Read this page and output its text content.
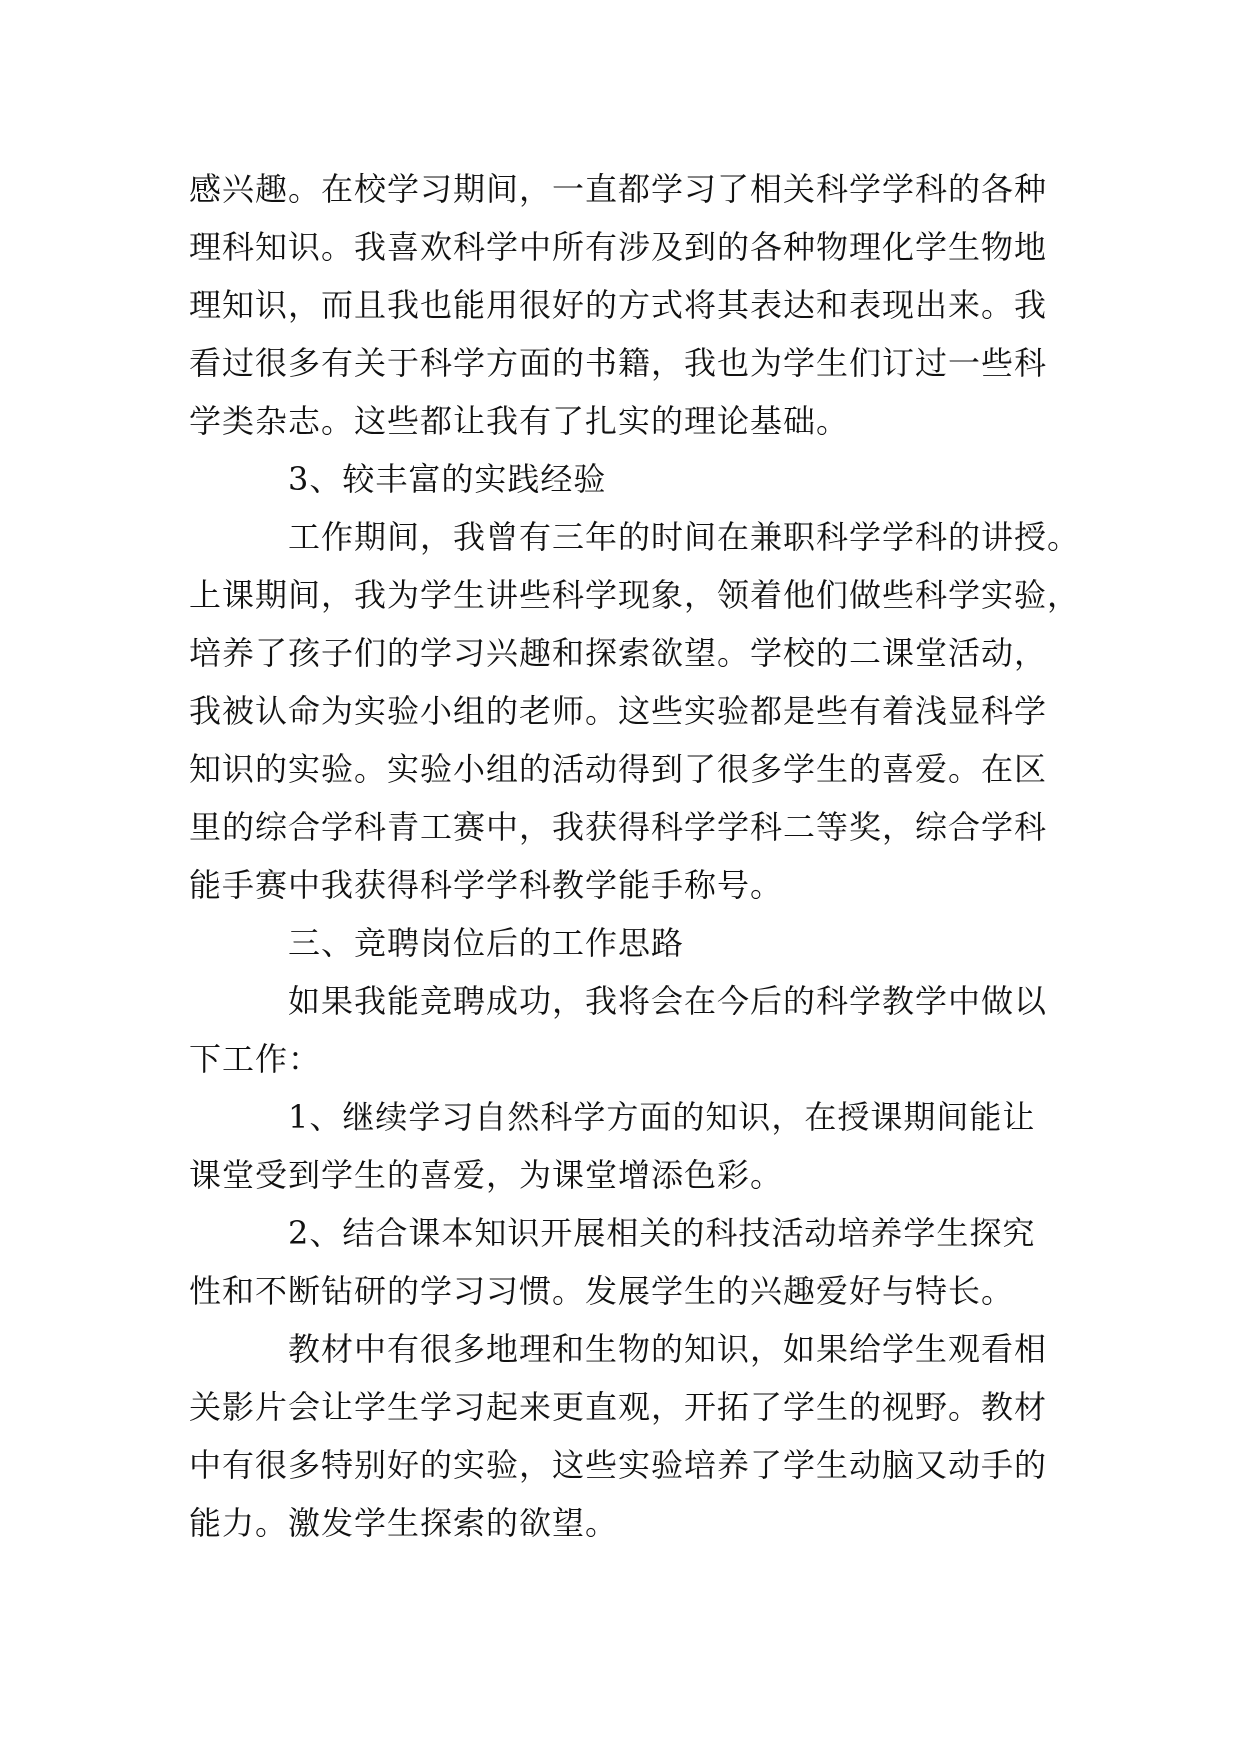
感兴趣。在校学习期间，一直都学习了相关科学学科的各种
理科知识。我喜欢科学中所有涉及到的各种物理化学生物地
理知识，而且我也能用很好的方式将其表达和表现出来。我
看过很多有关于科学方面的书籍，我也为学生们订过一些科
学类杂志。这些都让我有了扎实的理论基础。
3、较丰富的实践经验
工作期间，我曾有三年的时间在兼职科学学科的讲授。
上课期间，我为学生讲些科学现象，领着他们做些科学实验，
培养了孩子们的学习兴趣和探索欲望。学校的二课堂活动，
我被认命为实验小组的老师。这些实验都是些有着浅显科学
知识的实验。实验小组的活动得到了很多学生的喜爱。在区
里的综合学科青工赛中，我获得科学学科二等奖，综合学科
能手赛中我获得科学学科教学能手称号。
三、竞聘岗位后的工作思路
如果我能竞聘成功，我将会在今后的科学教学中做以
下工作：
1、继续学习自然科学方面的知识，在授课期间能让
课堂受到学生的喜爱，为课堂增添色彩。
2、结合课本知识开展相关的科技活动培养学生探究
性和不断钻研的学习习惯。发展学生的兴趣爱好与特长。
教材中有很多地理和生物的知识，如果给学生观看相
关影片会让学生学习起来更直观，开拓了学生的视野。教材
中有很多特别好的实验，这些实验培养了学生动脑又动手的
能力。激发学生探索的欲望。
